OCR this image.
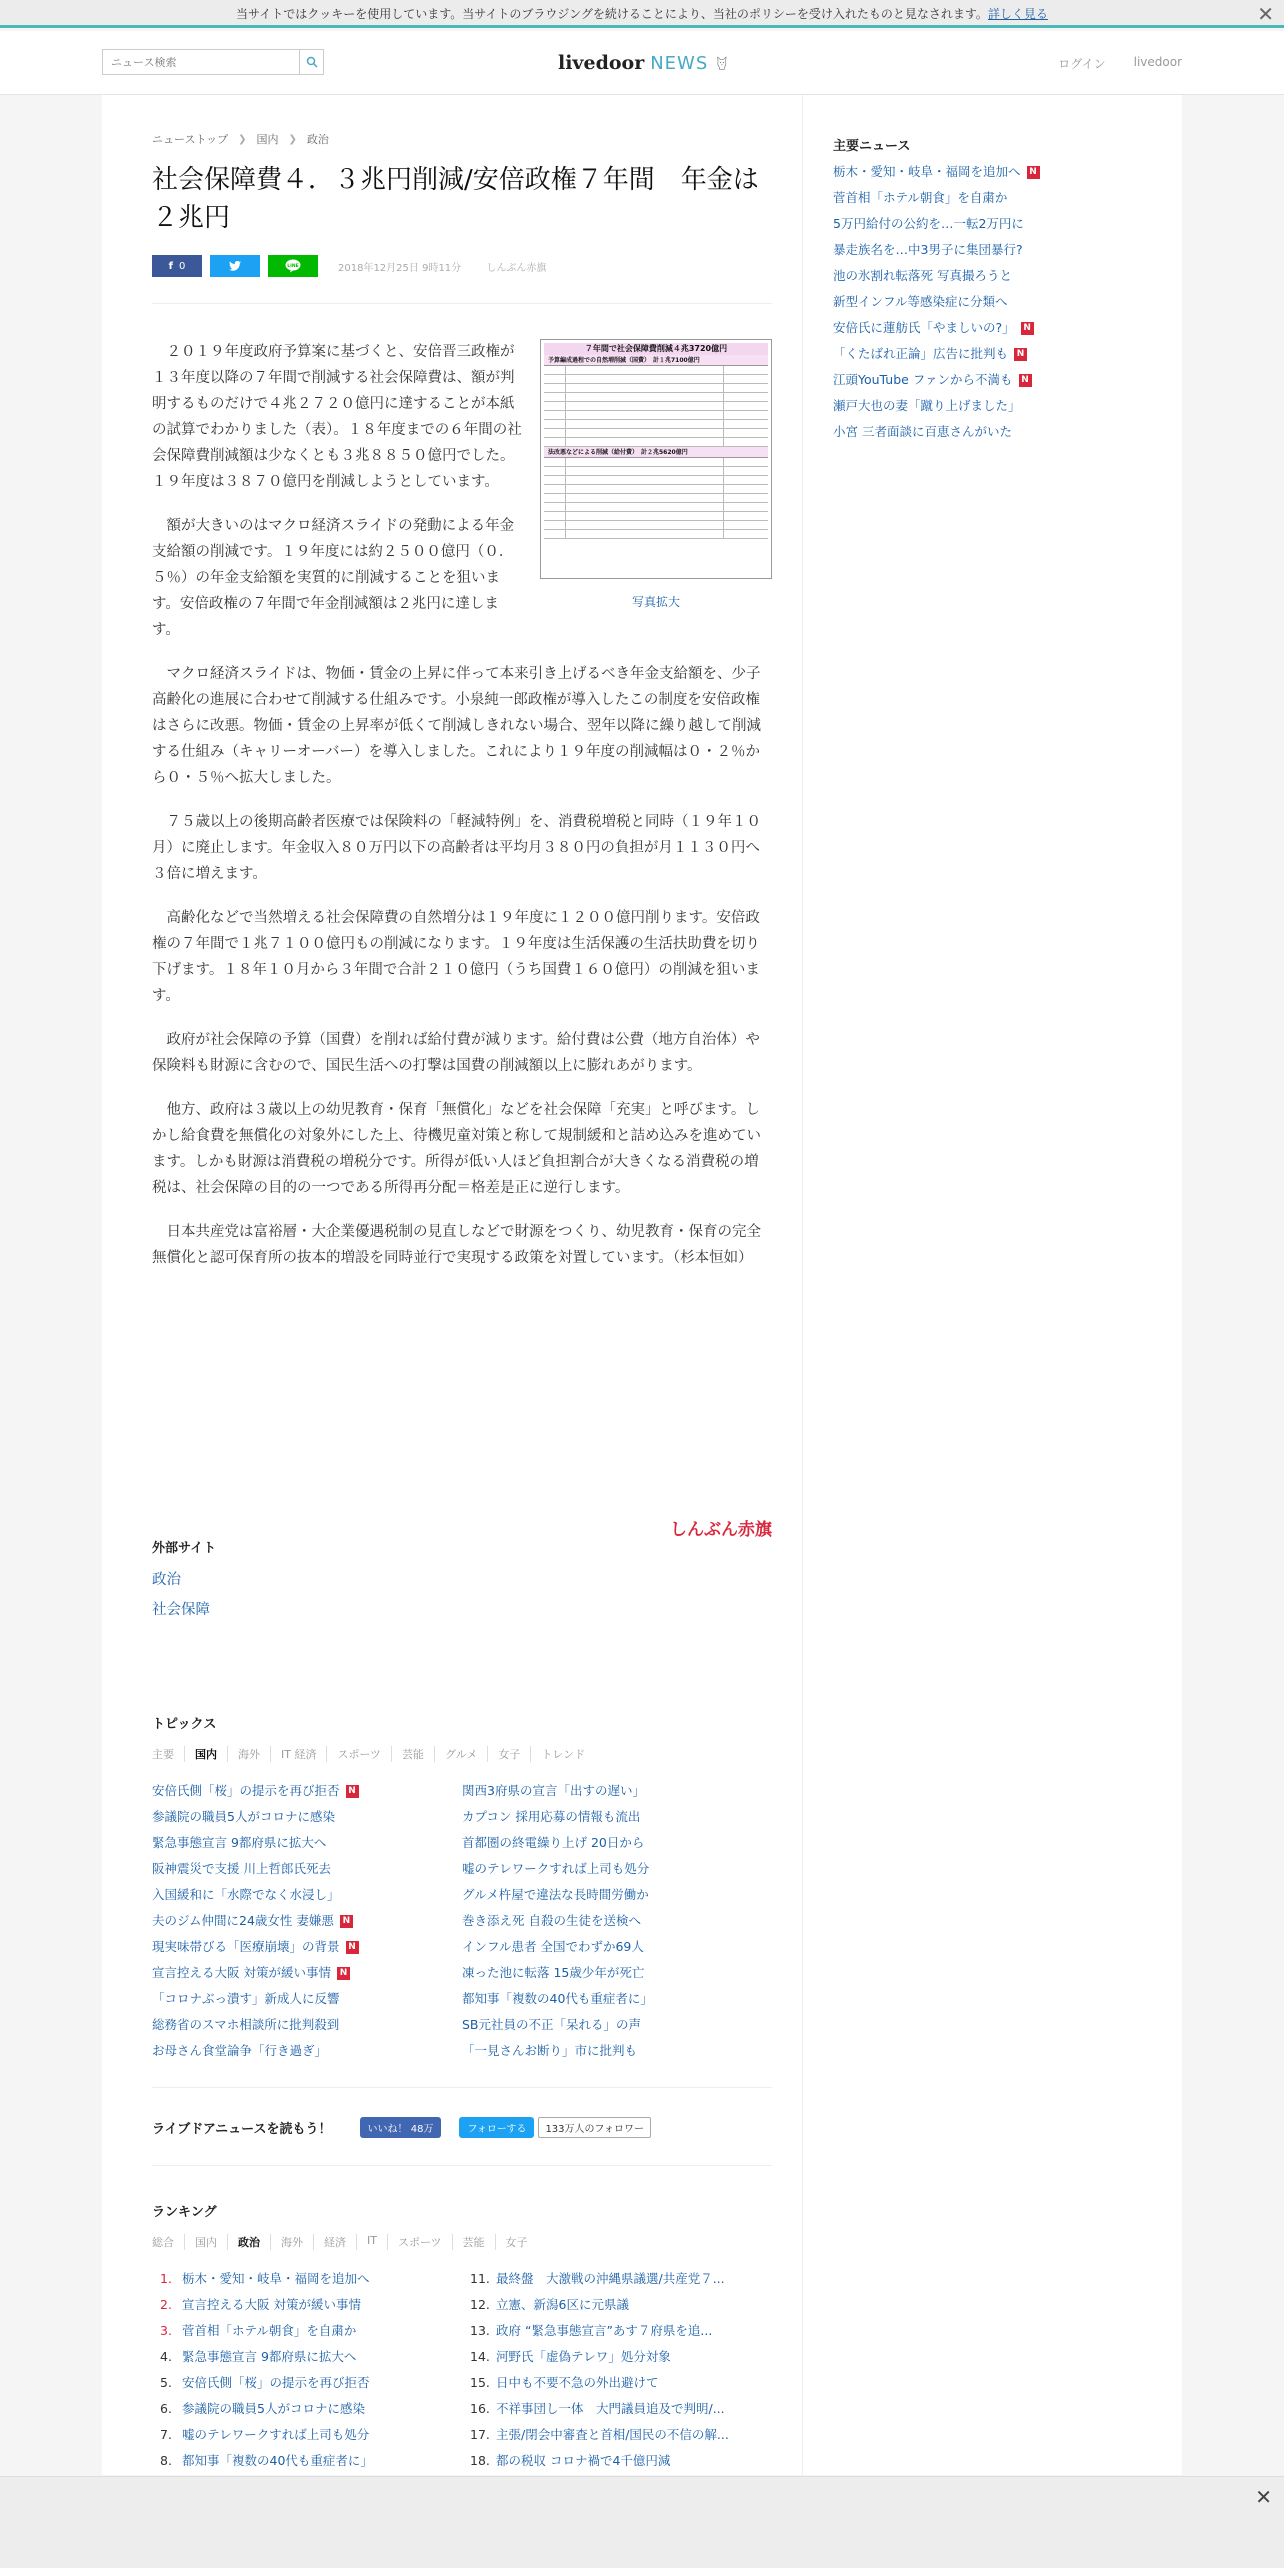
当サイトではクッキーを使用しています。当サイトのブラウジングを続けることにより、当社のポリシーを受け入れたものと見なされます。詳しく見る	✕
ニュース検索
livedoor NEWS	ログイン livedoor
ニューストップ ❯ 国内 ❯ 政治
社会保障費４．３兆円削減/安倍政権７年間　年金は２兆円
f 0	LINE	2018年12月25日 9時11分	しんぶん赤旗
７年間で社会保障費削減４兆3720億円
予算編成過程での自然増削減（国費）　計１兆7100億円
法改悪などによる削減（給付費）　計２兆5620億円
写真拡大

２０１９年度政府予算案に基づくと、安倍晋三政権が１３年度以降の７年間で削減する社会保障費は、額が判明するものだけで４兆２７２０億円に達することが本紙の試算でわかりました（表）。１８年度までの６年間の社会保障費削減額は少なくとも３兆８８５０億円でした。１９年度は３８７０億円を削減しようとしています。

額が大きいのはマクロ経済スライドの発動による年金支給額の削減です。１９年度には約２５００億円（０．５％）の年金支給額を実質的に削減することを狙います。安倍政権の７年間で年金削減額は２兆円に達します。

マクロ経済スライドは、物価・賃金の上昇に伴って本来引き上げるべき年金支給額を、少子高齢化の進展に合わせて削減する仕組みです。小泉純一郎政権が導入したこの制度を安倍政権はさらに改悪。物価・賃金の上昇率が低くて削減しきれない場合、翌年以降に繰り越して削減する仕組み（キャリーオーバー）を導入しました。これにより１９年度の削減幅は０・２％から０・５％へ拡大しました。

７５歳以上の後期高齢者医療では保険料の「軽減特例」を、消費税増税と同時（１９年１０月）に廃止します。年金収入８０万円以下の高齢者は平均月３８０円の負担が月１１３０円へ３倍に増えます。

高齢化などで当然増える社会保障費の自然増分は１９年度に１２００億円削ります。安倍政権の７年間で１兆７１００億円もの削減になります。１９年度は生活保護の生活扶助費を切り下げます。１８年１０月から３年間で合計２１０億円（うち国費１６０億円）の削減を狙います。

政府が社会保障の予算（国費）を削れば給付費が減ります。給付費は公費（地方自治体）や保険料も財源に含むので、国民生活への打撃は国費の削減額以上に膨れあがります。

他方、政府は３歳以上の幼児教育・保育「無償化」などを社会保障「充実」と呼びます。しかし給食費を無償化の対象外にした上、待機児童対策と称して規制緩和と詰め込みを進めています。しかも財源は消費税の増税分です。所得が低い人ほど負担割合が大きくなる消費税の増税は、社会保障の目的の一つである所得再分配＝格差是正に逆行します。

日本共産党は富裕層・大企業優遇税制の見直しなどで財源をつくり、幼児教育・保育の完全無償化と認可保育所の抜本的増設を同時並行で実現する政策を対置しています。（杉本恒如）

しんぶん赤旗
外部サイト
政治
社会保障
トピックス
主要	国内	海外	IT 経済	スポーツ	芸能	グルメ	女子	トレンド
安倍氏側「桜」の提示を再び拒否 N
参議院の職員5人がコロナに感染
緊急事態宣言 9都府県に拡大へ
阪神震災で支援 川上哲郎氏死去
入国緩和に「水際でなく水浸し」
夫のジム仲間に24歳女性 妻嫌悪 N
現実味帯びる「医療崩壊」の背景 N
宣言控える大阪 対策が緩い事情 N
「コロナぶっ潰す」新成人に反響
総務省のスマホ相談所に批判殺到
お母さん食堂論争「行き過ぎ」
関西3府県の宣言「出すの遅い」
カプコン 採用応募の情報も流出
首都圏の終電繰り上げ 20日から
嘘のテレワークすれば上司も処分
グルメ杵屋で違法な長時間労働か
巻き添え死 自殺の生徒を送検へ
インフル患者 全国でわずか69人
凍った池に転落 15歳少年が死亡
都知事「複数の40代も重症者に」
SB元社員の不正「呆れる」の声
「一見さんお断り」市に批判も
ライブドアニュースを読もう！	いいね！ 48万	フォローする	133万人のフォロワー
ランキング
総合	国内	政治	海外	経済	IT	スポーツ	芸能	女子
1. 栃木・愛知・岐阜・福岡を追加へ
2. 宣言控える大阪 対策が緩い事情
3. 菅首相「ホテル朝食」を自粛か
4. 緊急事態宣言 9都府県に拡大へ
5. 安倍氏側「桜」の提示を再び拒否
6. 参議院の職員5人がコロナに感染
7. 嘘のテレワークすれば上司も処分
8. 都知事「複数の40代も重症者に」
11. 最終盤　大激戦の沖縄県議選/共産党７...
12. 立憲、新潟6区に元県議
13. 政府 “緊急事態宣言”あす７府県を追...
14. 河野氏「虚偽テレワ」処分対象
15. 日中も不要不急の外出避けて
16. 不祥事団し一体　大門議員追及で判明/...
17. 主張/閉会中審査と首相/国民の不信の解...
18. 都の税収 コロナ禍で4千億円減
主要ニュース
栃木・愛知・岐阜・福岡を追加へ N
菅首相「ホテル朝食」を自粛か
5万円給付の公約を…一転2万円に
暴走族名を…中3男子に集団暴行?
池の氷割れ転落死 写真撮ろうと
新型インフル等感染症に分類へ
安倍氏に蓮舫氏「やましいの?」 N
「くたばれ正論」広告に批判も N
江頭YouTube ファンから不満も N
瀬戸大也の妻「蹴り上げました」
小宮 三者面談に百恵さんがいた
✕
